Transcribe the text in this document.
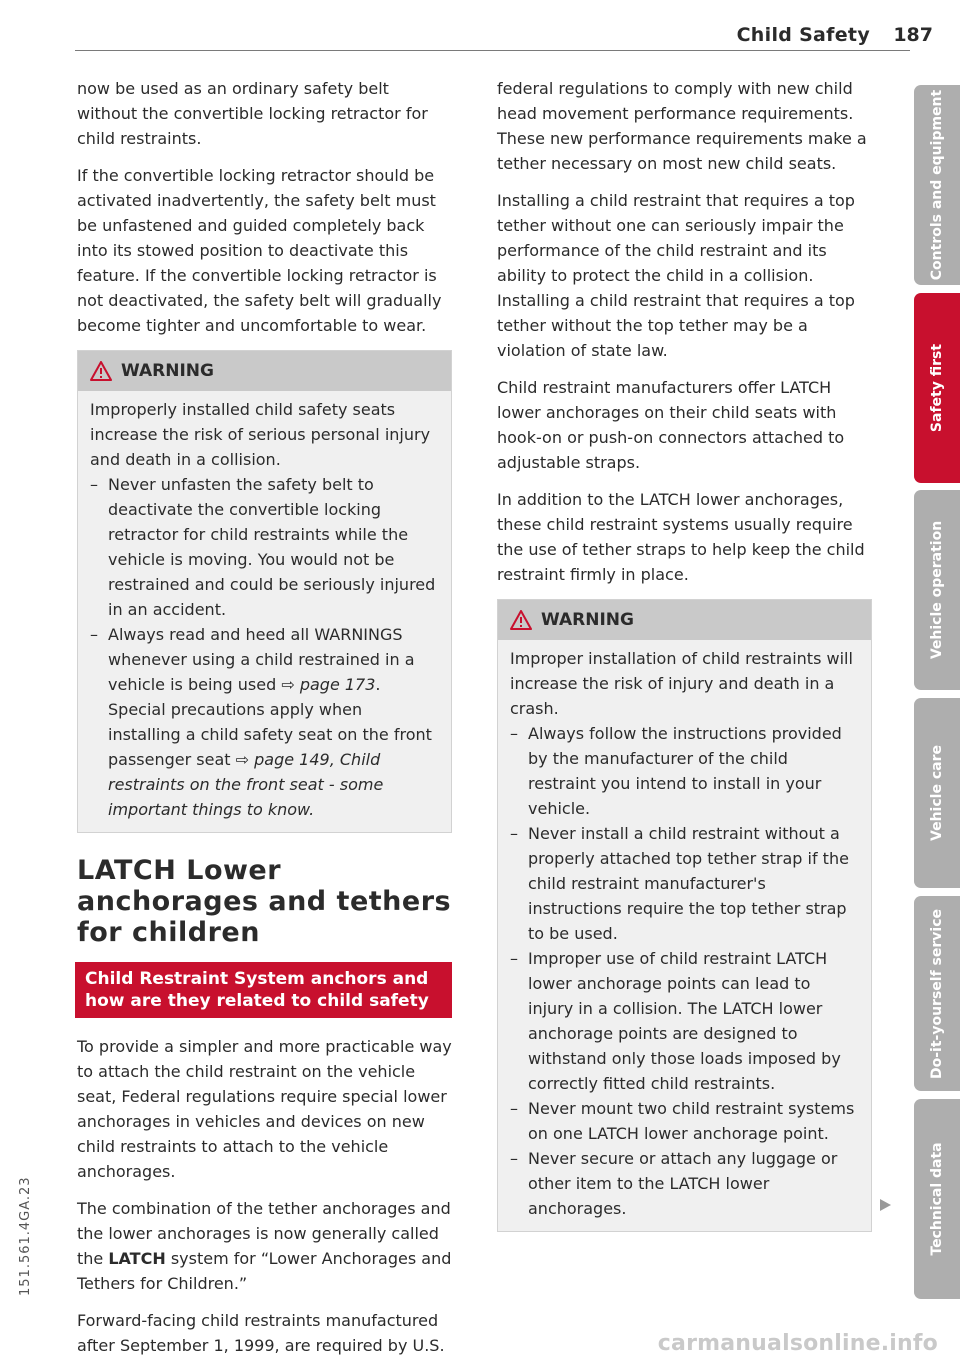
Child Safety 187

now be used as an ordinary safety belt without the convertible locking retractor for child restraints.

If the convertible locking retractor should be activated inadvertently, the safety belt must be unfastened and guided completely back into its stowed position to deactivate this feature. If the convertible locking retractor is not deactivated, the safety belt will gradually become tighter and uncomfortable to wear.

WARNING

Improperly installed child safety seats increase the risk of serious personal injury and death in a collision.

– Never unfasten the safety belt to deactivate the convertible locking retractor for child restraints while the vehicle is moving. You would not be restrained and could be seriously injured in an accident.
– Always read and heed all WARNINGS whenever using a child restrained in a vehicle is being used ⇨ page 173. Special precautions apply when installing a child safety seat on the front passenger seat ⇨ page 149, Child restraints on the front seat - some important things to know.
LATCH Lower anchorages and tethers for children
Child Restraint System anchors and how are they related to child safety

To provide a simpler and more practicable way to attach the child restraint on the vehicle seat, Federal regulations require special lower anchorages in vehicles and devices on new child restraints to attach to the vehicle anchorages.

The combination of the tether anchorages and the lower anchorages is now generally called the LATCH system for “Lower Anchorages and Tethers for Children.”

Forward-facing child restraints manufactured after September 1, 1999, are required by U.S.

federal regulations to comply with new child head movement performance requirements. These new performance requirements make a tether necessary on most new child seats.

Installing a child restraint that requires a top tether without one can seriously impair the performance of the child restraint and its ability to protect the child in a collision. Installing a child restraint that requires a top tether without the top tether may be a violation of state law.

Child restraint manufacturers offer LATCH lower anchorages on their child seats with hook-on or push-on connectors attached to adjustable straps.

In addition to the LATCH lower anchorages, these child restraint systems usually require the use of tether straps to help keep the child restraint firmly in place.

WARNING

Improper installation of child restraints will increase the risk of injury and death in a crash.

– Always follow the instructions provided by the manufacturer of the child restraint you intend to install in your vehicle.
– Never install a child restraint without a properly attached top tether strap if the child restraint manufacturer's instructions require the top tether strap to be used.
– Improper use of child restraint LATCH lower anchorage points can lead to injury in a collision. The LATCH lower anchorage points are designed to withstand only those loads imposed by correctly fitted child restraints.
– Never mount two child restraint systems on one LATCH lower anchorage point.
– Never secure or attach any luggage or other item to the LATCH lower anchorages.
Controls and equipment
Safety first
Vehicle operation
Vehicle care
Do-it-yourself service
Technical data
151.561.4GA.23
carmanualsonline.info
